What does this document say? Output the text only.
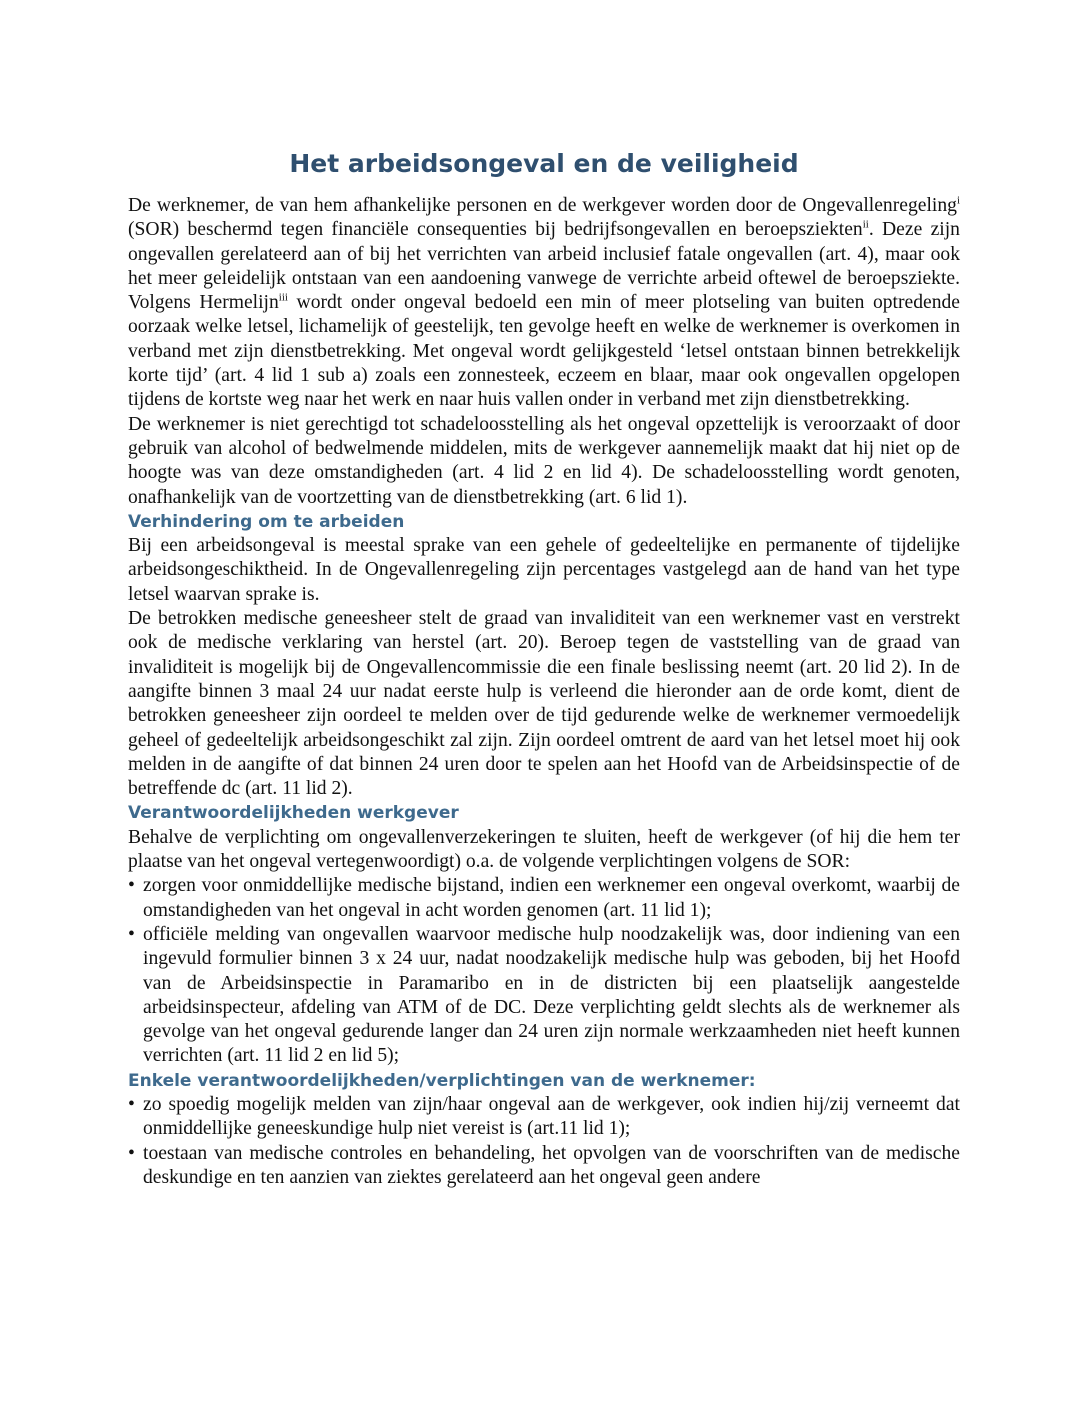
Het arbeidsongeval en de veiligheid

De werknemer, de van hem afhankelijke personen en de werkgever worden door de Ongevallenregeling$^i$ (SOR) beschermd tegen financiële consequenties bij bedrijfsongevallen en beroepsziekten$^{ii}$. Deze zijn ongevallen gerelateerd aan of bij het verrichten van arbeid inclusief fatale ongevallen (art. 4), maar ook het meer geleidelijk ontstaan van een aandoening vanwege de verrichte arbeid oftewel de beroepsziekte. Volgens Hermelijn$^{iii}$ wordt onder ongeval bedoeld een min of meer plotseling van buiten optredende oorzaak welke letsel, lichamelijk of geestelijk, ten gevolge heeft en welke de werknemer is overkomen in verband met zijn dienstbetrekking. Met ongeval wordt gelijkgesteld ‘letsel ontstaan binnen betrekkelijk korte tijd’ (art. 4 lid 1 sub a) zoals een zonnesteek, eczeem en blaar, maar ook ongevallen opgelopen tijdens de kortste weg naar het werk en naar huis vallen onder in verband met zijn dienstbetrekking.

De werknemer is niet gerechtigd tot schadeloosstelling als het ongeval opzettelijk is veroorzaakt of door gebruik van alcohol of bedwelmende middelen, mits de werkgever aannemelijk maakt dat hij niet op de hoogte was van deze omstandigheden (art. 4 lid 2 en lid 4). De schadeloosstelling wordt genoten, onafhankelijk van de voortzetting van de dienstbetrekking (art. 6 lid 1).

Verhindering om te arbeiden

Bij een arbeidsongeval is meestal sprake van een gehele of gedeeltelijke en permanente of tijdelijke arbeidsongeschiktheid. In de Ongevallenregeling zijn percentages vastgelegd aan de hand van het type letsel waarvan sprake is.

De betrokken medische geneesheer stelt de graad van invaliditeit van een werknemer vast en verstrekt ook de medische verklaring van herstel (art. 20). Beroep tegen de vaststelling van de graad van invaliditeit is mogelijk bij de Ongevallencommissie die een finale beslissing neemt (art. 20 lid 2). In de aangifte binnen 3 maal 24 uur nadat eerste hulp is verleend die hieronder aan de orde komt, dient de betrokken geneesheer zijn oordeel te melden over de tijd gedurende welke de werknemer vermoedelijk geheel of gedeeltelijk arbeidsongeschikt zal zijn. Zijn oordeel omtrent de aard van het letsel moet hij ook melden in de aangifte of dat binnen 24 uren door te spelen aan het Hoofd van de Arbeidsinspectie of de betreffende dc (art. 11 lid 2).

Verantwoordelijkheden werkgever

Behalve de verplichting om ongevallenverzekeringen te sluiten, heeft de werkgever (of hij die hem ter plaatse van het ongeval vertegenwoordigt) o.a. de volgende verplichtingen volgens de SOR:

• zorgen voor onmiddellijke medische bijstand, indien een werknemer een ongeval overkomt, waarbij de omstandigheden van het ongeval in acht worden genomen (art. 11 lid 1);
• officiële melding van ongevallen waarvoor medische hulp noodzakelijk was, door indiening van een ingevuld formulier binnen 3 x 24 uur, nadat noodzakelijk medische hulp was geboden, bij het Hoofd van de Arbeidsinspectie in Paramaribo en in de districten bij een plaatselijk aangestelde arbeidsinspecteur, afdeling van ATM of de DC. Deze verplichting geldt slechts als de werknemer als gevolge van het ongeval gedurende langer dan 24 uren zijn normale werkzaamheden niet heeft kunnen verrichten (art. 11 lid 2 en lid 5);
Enkele verantwoordelijkheden/verplichtingen van de werknemer:
• zo spoedig mogelijk melden van zijn/haar ongeval aan de werkgever, ook indien hij/zij verneemt dat onmiddellijke geneeskundige hulp niet vereist is (art.11 lid 1);
• toestaan van medische controles en behandeling, het opvolgen van de voorschriften van de medische deskundige en ten aanzien van ziektes gerelateerd aan het ongeval geen andere
